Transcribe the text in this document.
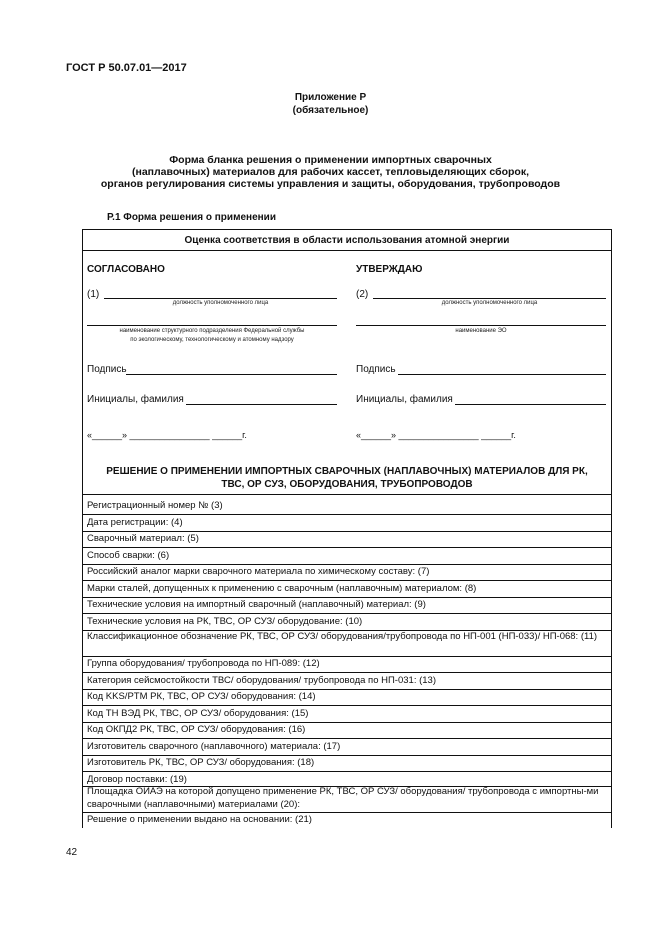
ГОСТ Р 50.07.01—2017
Приложение Р
(обязательное)
Форма бланка решения о применении импортных сварочных
(наплавочных) материалов для рабочих кассет, тепловыделяющих сборок,
органов регулирования системы управления и защиты, оборудования, трубопроводов
Р.1 Форма решения о применении
Оценка соответствия в области использования атомной энергии
СОГЛАСОВАНО
(1)
должность уполномоченного лица
наименование структурного подразделения Федеральной службы
по экологическому, технологическому и атомному надзору
Подпись
Инициалы, фамилия
«______» ________________ ______г.
УТВЕРЖДАЮ
(2)
должность уполномоченного лица
наименование ЭО
Подпись
Инициалы, фамилия
«______» ________________ ______г.
РЕШЕНИЕ О ПРИМЕНЕНИИ ИМПОРТНЫХ СВАРОЧНЫХ (НАПЛАВОЧНЫХ) МАТЕРИАЛОВ ДЛЯ РК,
ТВС, ОР СУЗ, ОБОРУДОВАНИЯ, ТРУБОПРОВОДОВ
Регистрационный номер № (3)
Дата регистрации: (4)
Сварочный материал: (5)
Способ сварки: (6)
Российский аналог марки сварочного материала по химическому составу: (7)
Марки сталей, допущенных к применению с сварочным (наплавочным) материалом: (8)
Технические условия на импортный сварочный (наплавочный) материал: (9)
Технические условия на РК, ТВС, ОР СУЗ/ оборудование: (10)
Классификационное обозначение РК, ТВС, ОР СУЗ/ оборудования/трубопровода по НП-001 (НП-033)/ НП-068: (11)
Группа оборудования/ трубопровода по НП-089: (12)
Категория сейсмостойкости ТВС/ оборудования/ трубопровода по НП-031: (13)
Код KKS/PTM РК, ТВС, ОР СУЗ/ оборудования: (14)
Код ТН ВЭД РК, ТВС, ОР СУЗ/ оборудования: (15)
Код ОКПД2 РК, ТВС, ОР СУЗ/ оборудования: (16)
Изготовитель сварочного (наплавочного) материала: (17)
Изготовитель РК, ТВС, ОР СУЗ/ оборудования: (18)
Договор поставки: (19)
Площадка ОИАЭ на которой допущено применение РК, ТВС, ОР СУЗ/ оборудования/ трубопровода с импортны-ми сварочными (наплавочными) материалами (20):
Решение о применении выдано на основании: (21)
42
